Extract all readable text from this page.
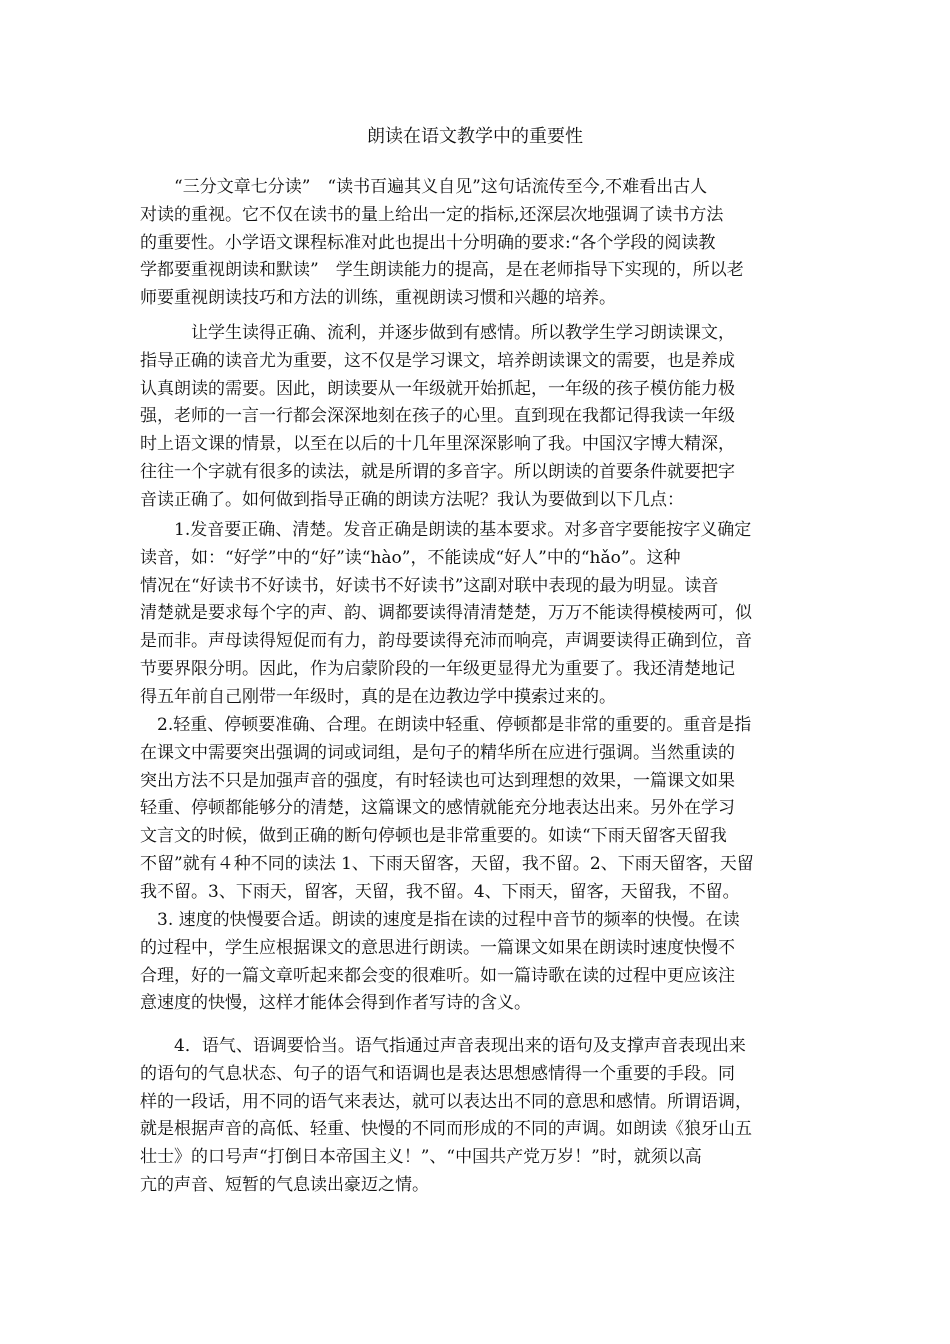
朗读在语文教学中的重要性
　　“三分文章七分读”　“读书百遍其义自见”这句话流传至今,不难看出古人
对读的重视。它不仅在读书的量上给出一定的指标,还深层次地强调了读书方法
的重要性。小学语文课程标准对此也提出十分明确的要求:“各个学段的阅读教
学都要重视朗读和默读”　学生朗读能力的提高，是在老师指导下实现的，所以老
师要重视朗读技巧和方法的训练，重视朗读习惯和兴趣的培养。
　　　让学生读得正确、流利，并逐步做到有感情。所以教学生学习朗读课文，
指导正确的读音尤为重要，这不仅是学习课文，培养朗读课文的需要，也是养成
认真朗读的需要。因此，朗读要从一年级就开始抓起，一年级的孩子模仿能力极
强，老师的一言一行都会深深地刻在孩子的心里。直到现在我都记得我读一年级
时上语文课的情景，以至在以后的十几年里深深影响了我。中国汉字博大精深，
往往一个字就有很多的读法，就是所谓的多音字。所以朗读的首要条件就要把字
音读正确了。如何做到指导正确的朗读方法呢？我认为要做到以下几点：
　　1.发音要正确、清楚。发音正确是朗读的基本要求。对多音字要能按字义确定
读音，如：“好学”中的“好”读“hào”，不能读成“好人”中的“hǎo”。这种
情况在“好读书不好读书，好读书不好读书”这副对联中表现的最为明显。读音
清楚就是要求每个字的声、韵、调都要读得清清楚楚，万万不能读得模棱两可，似
是而非。声母读得短促而有力，韵母要读得充沛而响亮，声调要读得正确到位，音
节要界限分明。因此，作为启蒙阶段的一年级更显得尤为重要了。我还清楚地记
得五年前自己刚带一年级时，真的是在边教边学中摸索过来的。
　2.轻重、停顿要准确、合理。在朗读中轻重、停顿都是非常的重要的。重音是指
在课文中需要突出强调的词或词组，是句子的精华所在应进行强调。当然重读的
突出方法不只是加强声音的强度，有时轻读也可达到理想的效果，一篇课文如果
轻重、停顿都能够分的清楚，这篇课文的感情就能充分地表达出来。另外在学习
文言文的时候，做到正确的断句停顿也是非常重要的。如读“下雨天留客天留我
不留”就有４种不同的读法 1、下雨天留客，天留，我不留。2、下雨天留客，天留
我不留。3、下雨天，留客，天留，我不留。4、下雨天，留客，天留我，不留。
　3. 速度的快慢要合适。朗读的速度是指在读的过程中音节的频率的快慢。在读
的过程中，学生应根据课文的意思进行朗读。一篇课文如果在朗读时速度快慢不
合理，好的一篇文章听起来都会变的很难听。如一篇诗歌在读的过程中更应该注
意速度的快慢，这样才能体会得到作者写诗的含义。
　　4．语气、语调要恰当。语气指通过声音表现出来的语句及支撑声音表现出来
的语句的气息状态、句子的语气和语调也是表达思想感情得一个重要的手段。同
样的一段话，用不同的语气来表达，就可以表达出不同的意思和感情。所谓语调，
就是根据声音的高低、轻重、快慢的不同而形成的不同的声调。如朗读《狼牙山五
壮士》的口号声“打倒日本帝国主义！”、“中国共产党万岁！”时，就须以高
亢的声音、短暂的气息读出豪迈之情。
